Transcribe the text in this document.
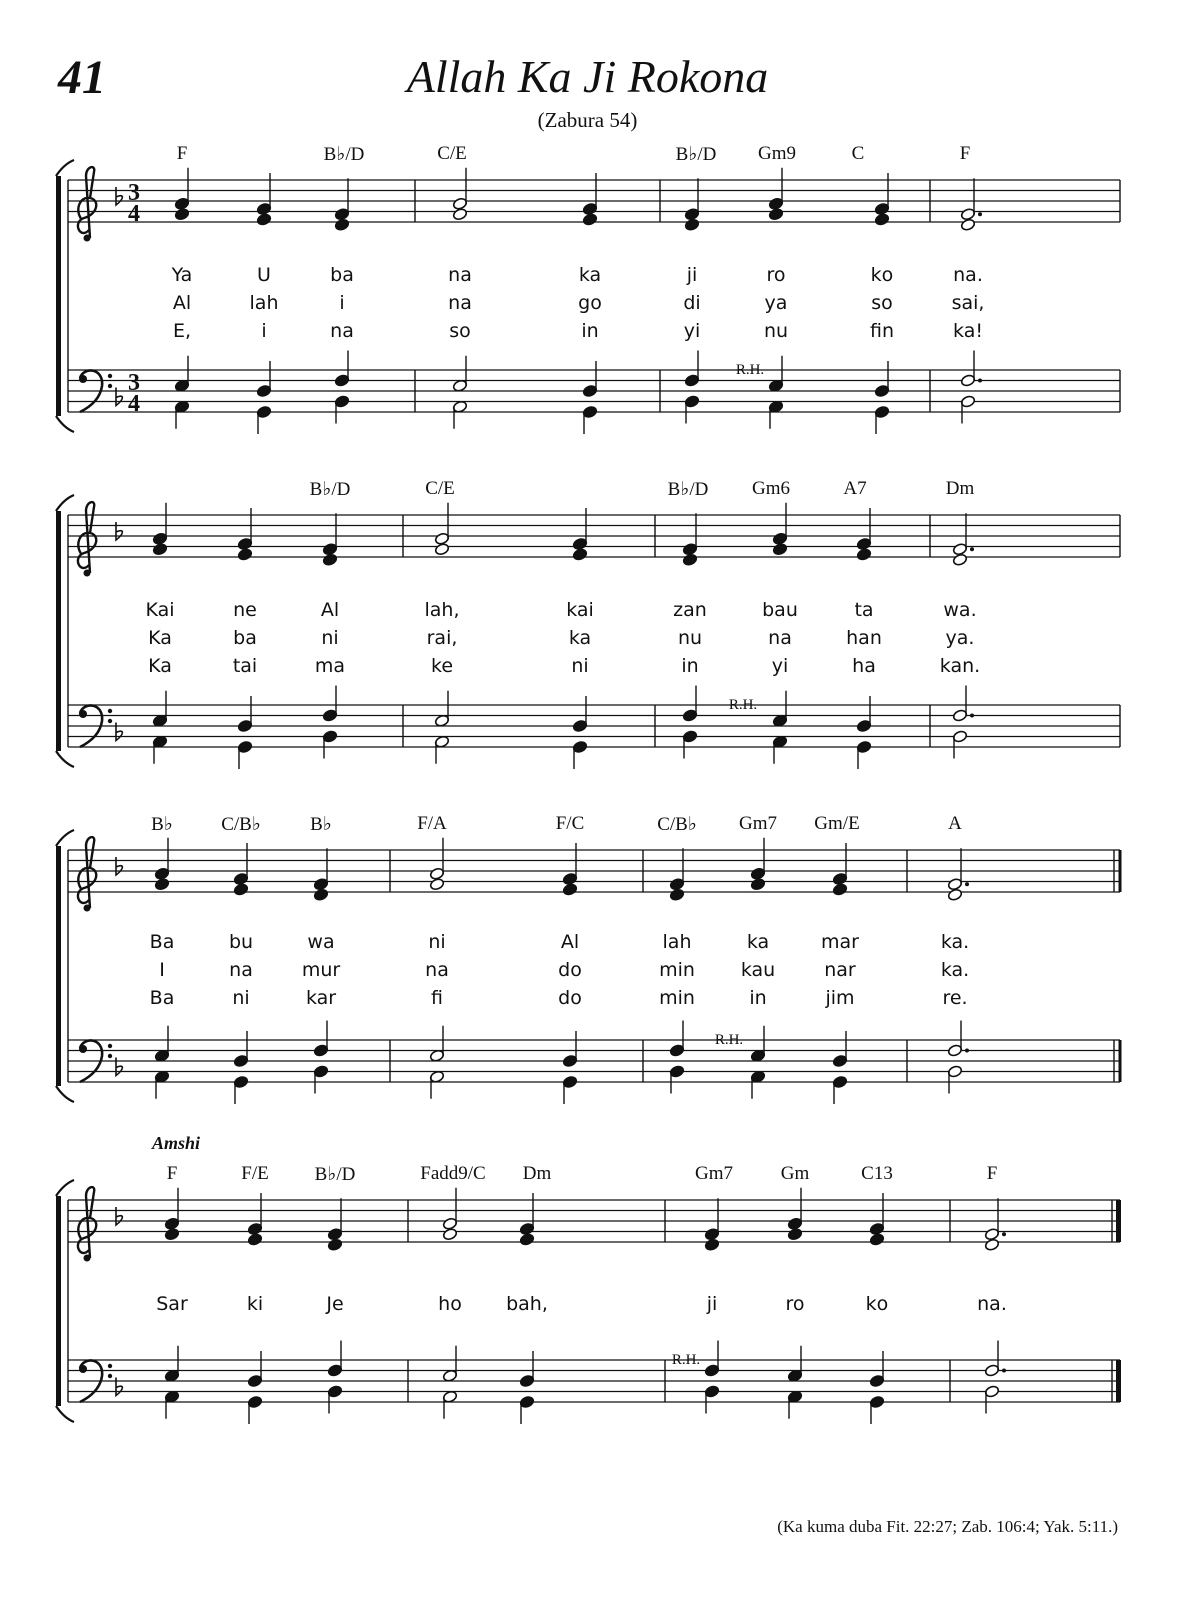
41	Allah Ka Ji Rokona
(Zabura 54)
3
4
3
4
F	B♭/D	C/E	B♭/D Gm9	C	F
Ya	U	ba	na	ka	ji	ro	kо	na.
Al	lah	i	na	go	di	ya	so	sai,
E,	i	na	so	in	yi	nu	fin	ka!
R.H.
B♭/D	C/E	B♭/D Gm6	A7	Dm
Kai	ne	Al	lah,	kai	zan	bau	ta	wa.
Ka	ba	ni	rai,	ka	nu	na	han	ya.
Ka	tai	ma	ke	ni	in	yi	ha	kan.
R.H.
B♭	C/B♭	B♭	F/A	F/C	C/B♭ Gm7 Gm/E	A
Ba	bu	wa	ni	Al	lah	ka	mar	ka.
I	na	mur	na	do	min kau	nar	ka.
Ba	ni	kar	fi	do	min	in	jim	re.
R.H.
F	F/E B♭/D	Fadd9/C Dm	Gm7	Gm	C13	F
Amshi
Sar	ki	Je	ho bah,	ji	ro	kо	na.
R.H.
(Ka kuma duba Fit. 22:27; Zab. 106:4; Yak. 5:11.)
